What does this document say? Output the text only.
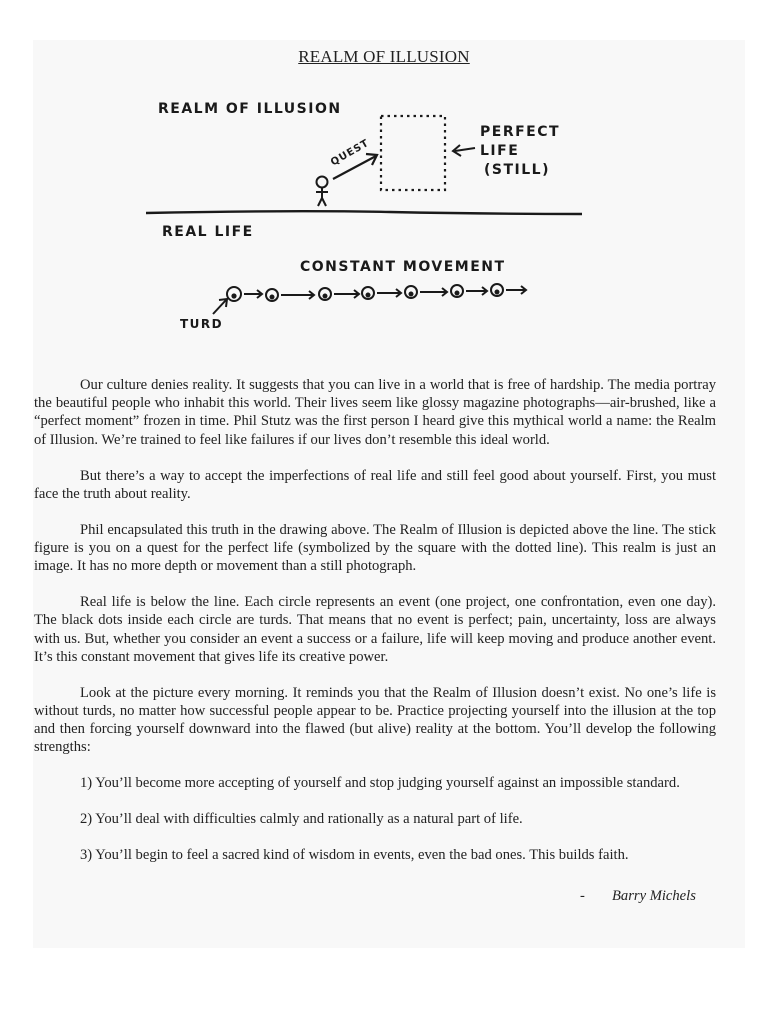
REALM OF ILLUSION
REALM OF ILLUSION
QUEST
PERFECT
LIFE
(STILL)
REAL LIFE
CONSTANT MOVEMENT
TURD

Our culture denies reality. It suggests that you can live in a world that is free of hardship. The media portray the beautiful people who inhabit this world. Their lives seem like glossy magazine photographs—air-brushed, like a “perfect moment” frozen in time. Phil Stutz was the first person I heard give this mythical world a name: the Realm of Illusion. We’re trained to feel like failures if our lives don’t resemble this ideal world.

But there’s a way to accept the imperfections of real life and still feel good about yourself. First, you must face the truth about reality.

Phil encapsulated this truth in the drawing above. The Realm of Illusion is depicted above the line. The stick figure is you on a quest for the perfect life (symbolized by the square with the dotted line). This realm is just an image. It has no more depth or movement than a still photograph.

Real life is below the line. Each circle represents an event (one project, one confrontation, even one day). The black dots inside each circle are turds. That means that no event is perfect; pain, uncertainty, loss are always with us. But, whether you consider an event a success or a failure, life will keep moving and produce another event. It’s this constant movement that gives life its creative power.

Look at the picture every morning. It reminds you that the Realm of Illusion doesn’t exist. No one’s life is without turds, no matter how successful people appear to be. Practice projecting yourself into the illusion at the top and then forcing yourself downward into the flawed (but alive) reality at the bottom. You’ll develop the following strengths:

1) You’ll become more accepting of yourself and stop judging yourself against an impossible standard.
2) You’ll deal with difficulties calmly and rationally as a natural part of life.
3) You’ll begin to feel a sacred kind of wisdom in events, even the bad ones. This builds faith.
- Barry Michels
